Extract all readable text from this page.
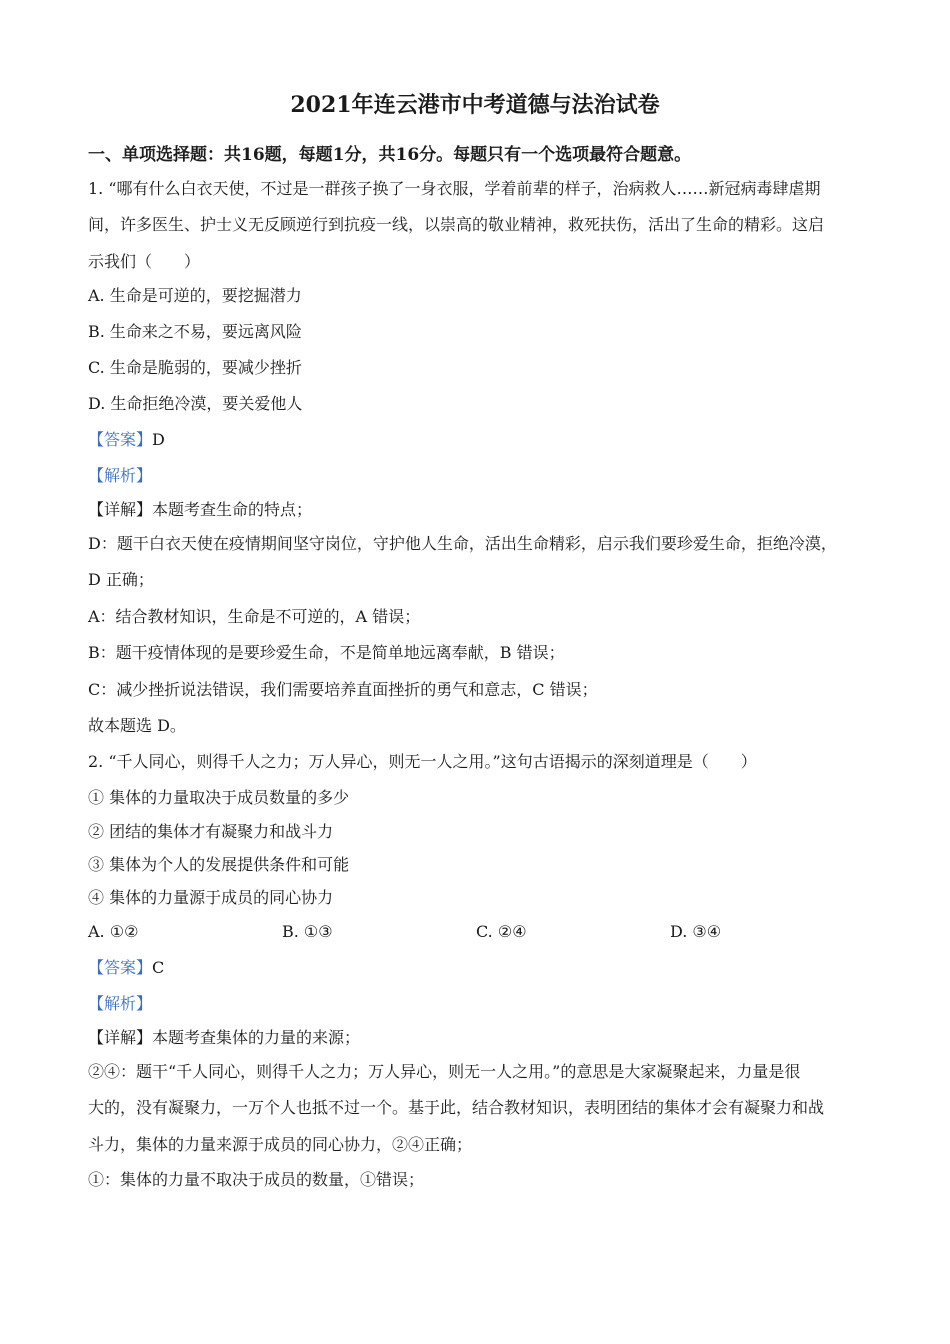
2021年连云港市中考道德与法治试卷
一、单项选择题：共16题，每题1分，共16分。每题只有一个选项最符合题意。
1. “哪有什么白衣天使，不过是一群孩子换了一身衣服，学着前辈的样子，治病救人……新冠病毒肆虐期
间，许多医生、护士义无反顾逆行到抗疫一线，以崇高的敬业精神，救死扶伤，活出了生命的精彩。这启
示我们（　　）
A. 生命是可逆的，要挖掘潜力
B. 生命来之不易，要远离风险
C. 生命是脆弱的，要减少挫折
D. 生命拒绝冷漠，要关爱他人
【答案】D
【解析】
【详解】本题考查生命的特点；
D：题干白衣天使在疫情期间坚守岗位，守护他人生命，活出生命精彩，启示我们要珍爱生命，拒绝冷漠，
D 正确；
A：结合教材知识，生命是不可逆的，A 错误；
B：题干疫情体现的是要珍爱生命，不是简单地远离奉献，B 错误；
C：减少挫折说法错误，我们需要培养直面挫折的勇气和意志，C 错误；
故本题选 D。
2. “千人同心，则得千人之力；万人异心，则无一人之用。”这句古语揭示的深刻道理是（　　）
① 集体的力量取决于成员数量的多少
② 团结的集体才有凝聚力和战斗力
③ 集体为个人的发展提供条件和可能
④ 集体的力量源于成员的同心协力
A. ①②	B. ①③	C. ②④	D. ③④
【答案】C
【解析】
【详解】本题考查集体的力量的来源；
②④：题干“千人同心，则得千人之力；万人异心，则无一人之用。”的意思是大家凝聚起来，力量是很
大的，没有凝聚力，一万个人也抵不过一个。基于此，结合教材知识，表明团结的集体才会有凝聚力和战
斗力，集体的力量来源于成员的同心协力，②④正确；
①：集体的力量不取决于成员的数量，①错误；
